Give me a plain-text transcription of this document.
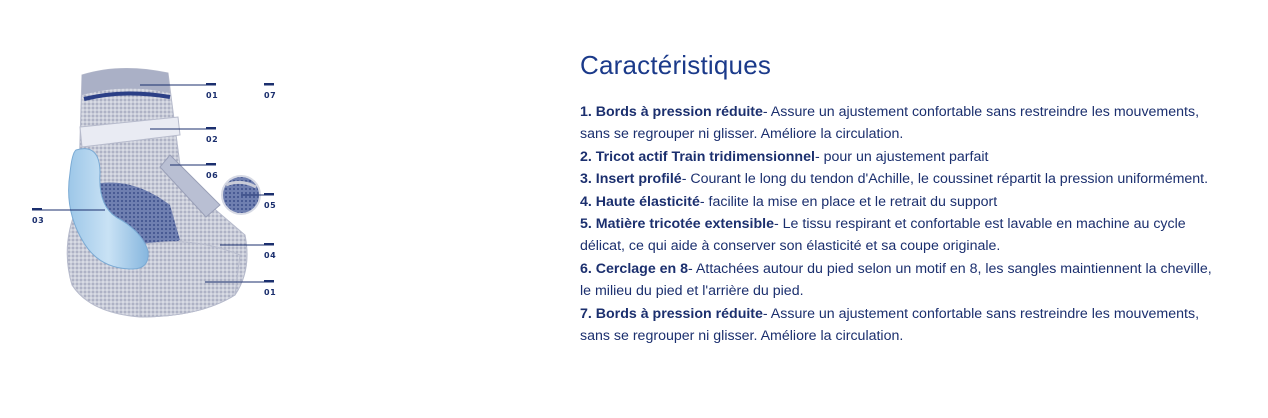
01	07
02
06
05
03
04
01
Caractéristiques
1. Bords à pression réduite- Assure un ajustement confortable sans restreindre les mouvements, sans se regrouper ni glisser. Améliore la circulation.
2. Tricot actif Train tridimensionnel- pour un ajustement parfait
3. Insert profilé- Courant le long du tendon d'Achille, le coussinet répartit la pression uniformément.
4. Haute élasticité- facilite la mise en place et le retrait du support
5. Matière tricotée extensible- Le tissu respirant et confortable est lavable en machine au cycle délicat, ce qui aide à conserver son élasticité et sa coupe originale.
6. Cerclage en 8- Attachées autour du pied selon un motif en 8, les sangles maintiennent la cheville, le milieu du pied et l'arrière du pied.
7. Bords à pression réduite- Assure un ajustement confortable sans restreindre les mouvements, sans se regrouper ni glisser. Améliore la circulation.
